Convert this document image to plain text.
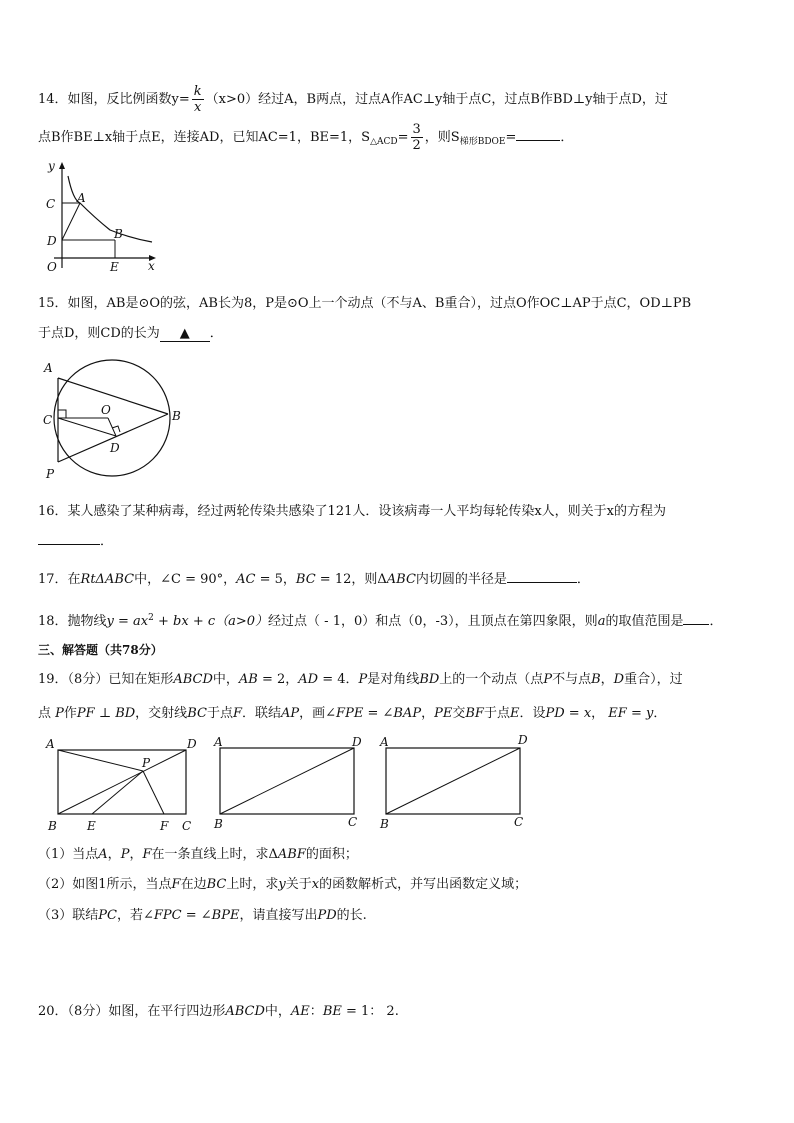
14．如图，反比例函数$y= \frac{k}{x} (x>0)$经过A，B两点，过点A作AC⊥y轴于点C，过点B作BD⊥y轴于点D，过
点B作BE⊥x轴于点E，连接AD，已知AC=1，BE=1，$S_{\triangle ACD}= \frac{3}{2}$ ，则$S_{梯形BDOE}=$	．
y
x
C A
D	B
O	E
15．如图，AB是⊙O的弦，AB长为8，P是⊙O上一个动点（不与A、B重合），过点O作OC⊥AP于点C，OD⊥PB
于点D，则CD的长为 ▲ ．
A
B
C
O
D
P
16．某人感染了某种病毒，经过两轮传染共感染了121人．设该病毒一人平均每轮传染x人，则关于x的方程为
．
17．在RtΔABC中，∠C = 90°，AC = 5，BC = 12，则ΔABC内切圆的半径是	．
18．抛物线$y = ax^2$ + bx + c（a>0）经过点（ - 1，0）和点（0，-3），且顶点在第四象限，则a的取值范围是 ．
三、解答题（共78分）
19．（8分）已知在矩形ABCD中，AB = 2，AD = 4．P是对角线BD上的一个动点（点P不与点B，D重合），过
点 P作PF ⊥ BD，交射线BC于点F．联结AP，画∠FPE = ∠BAP，PE交BF于点E．设PD = x， EF = y．
A	D
P
B	E	F C
A	D
B	C
A	D
B	C
（1）当点A，P，F在一条直线上时，求ΔABF的面积；
（2）如图1所示，当点F在边BC上时，求y关于x的函数解析式，并写出函数定义域；
（3）联结PC，若∠FPC = ∠BPE，请直接写出PD的长.
20．（8分）如图，在平行四边形ABCD中，AE：BE = 1： 2.
